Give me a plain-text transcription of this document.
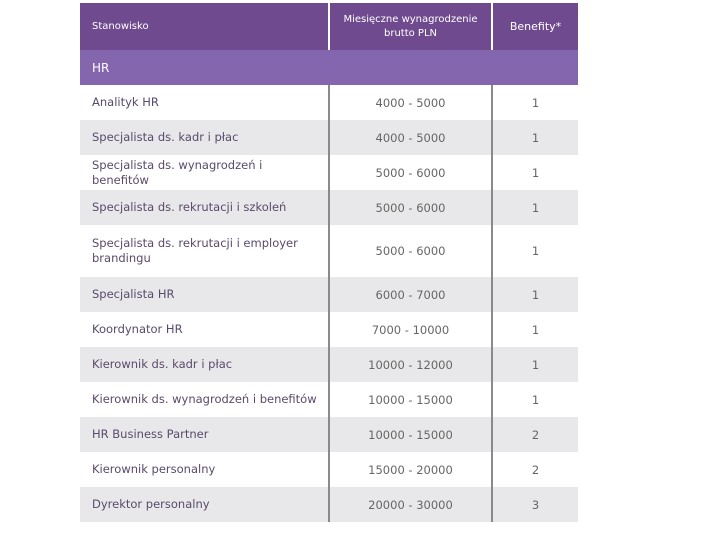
Stanowisko	Miesięczne wynagrodzenie brutto PLN	Benefity*
HR		
Analityk HR	4000 - 5000	1
Specjalista ds. kadr i płac	4000 - 5000	1
Specjalista ds. wynagrodzeń i benefitów	5000 - 6000	1
Specjalista ds. rekrutacji i szkoleń	5000 - 6000	1
Specjalista ds. rekrutacji i employer brandingu	5000 - 6000	1
Specjalista HR	6000 - 7000	1
Koordynator HR	7000 - 10000	1
Kierownik ds. kadr i płac	10000 - 12000	1
Kierownik ds. wynagrodzeń i benefitów	10000 - 15000	1
HR Business Partner	10000 - 15000	2
Kierownik personalny	15000 - 20000	2
Dyrektor personalny	20000 - 30000	3
